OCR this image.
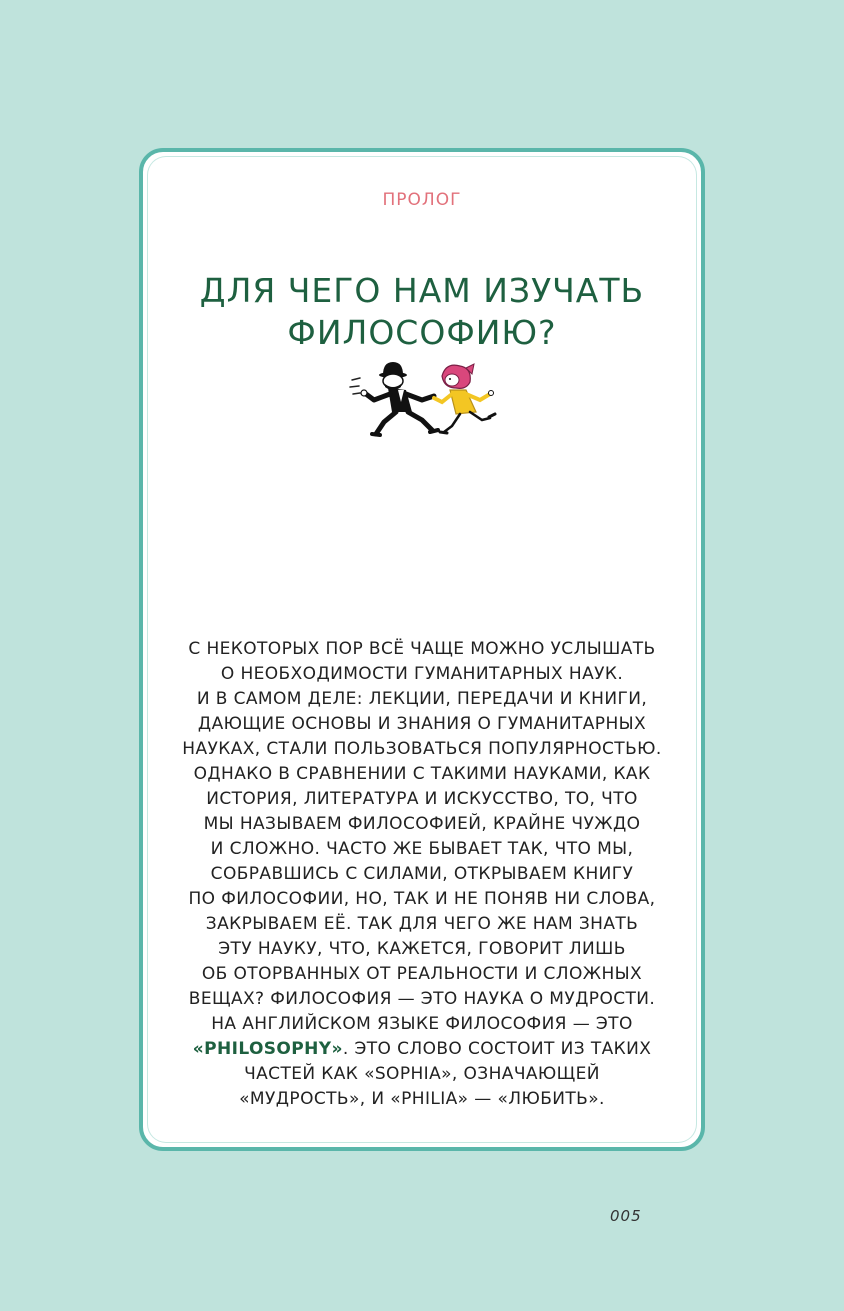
ПРОЛОГ
ДЛЯ ЧЕГО НАМ ИЗУЧАТЬ
ФИЛОСОФИЮ?
С НЕКОТОРЫХ ПОР ВСЁ ЧАЩЕ МОЖНО УСЛЫШАТЬ
О НЕОБХОДИМОСТИ ГУМАНИТАРНЫХ НАУК.
И В САМОМ ДЕЛЕ: ЛЕКЦИИ, ПЕРЕДАЧИ И КНИГИ,
ДАЮЩИЕ ОСНОВЫ И ЗНАНИЯ О ГУМАНИТАРНЫХ
НАУКАХ, СТАЛИ ПОЛЬЗОВАТЬСЯ ПОПУЛЯРНОСТЬЮ.
ОДНАКО В СРАВНЕНИИ С ТАКИМИ НАУКАМИ, КАК
ИСТОРИЯ, ЛИТЕРАТУРА И ИСКУССТВО, ТО, ЧТО
МЫ НАЗЫВАЕМ ФИЛОСОФИЕЙ, КРАЙНЕ ЧУЖДО
И СЛОЖНО. ЧАСТО ЖЕ БЫВАЕТ ТАК, ЧТО МЫ,
СОБРАВШИСЬ С СИЛАМИ, ОТКРЫВАЕМ КНИГУ
ПО ФИЛОСОФИИ, НО, ТАК И НЕ ПОНЯВ НИ СЛОВА,
ЗАКРЫВАЕМ ЕЁ. ТАК ДЛЯ ЧЕГО ЖЕ НАМ ЗНАТЬ
ЭТУ НАУКУ, ЧТО, КАЖЕТСЯ, ГОВОРИТ ЛИШЬ
ОБ ОТОРВАННЫХ ОТ РЕАЛЬНОСТИ И СЛОЖНЫХ
ВЕЩАХ? ФИЛОСОФИЯ — ЭТО НАУКА О МУДРОСТИ.
НА АНГЛИЙСКОМ ЯЗЫКЕ ФИЛОСОФИЯ — ЭТО
«PHILOSOPHY». ЭТО СЛОВО СОСТОИТ ИЗ ТАКИХ
ЧАСТЕЙ КАК «SOPHIA», ОЗНАЧАЮЩЕЙ
«МУДРОСТЬ», И «PHILIA» — «ЛЮБИТЬ».
005
